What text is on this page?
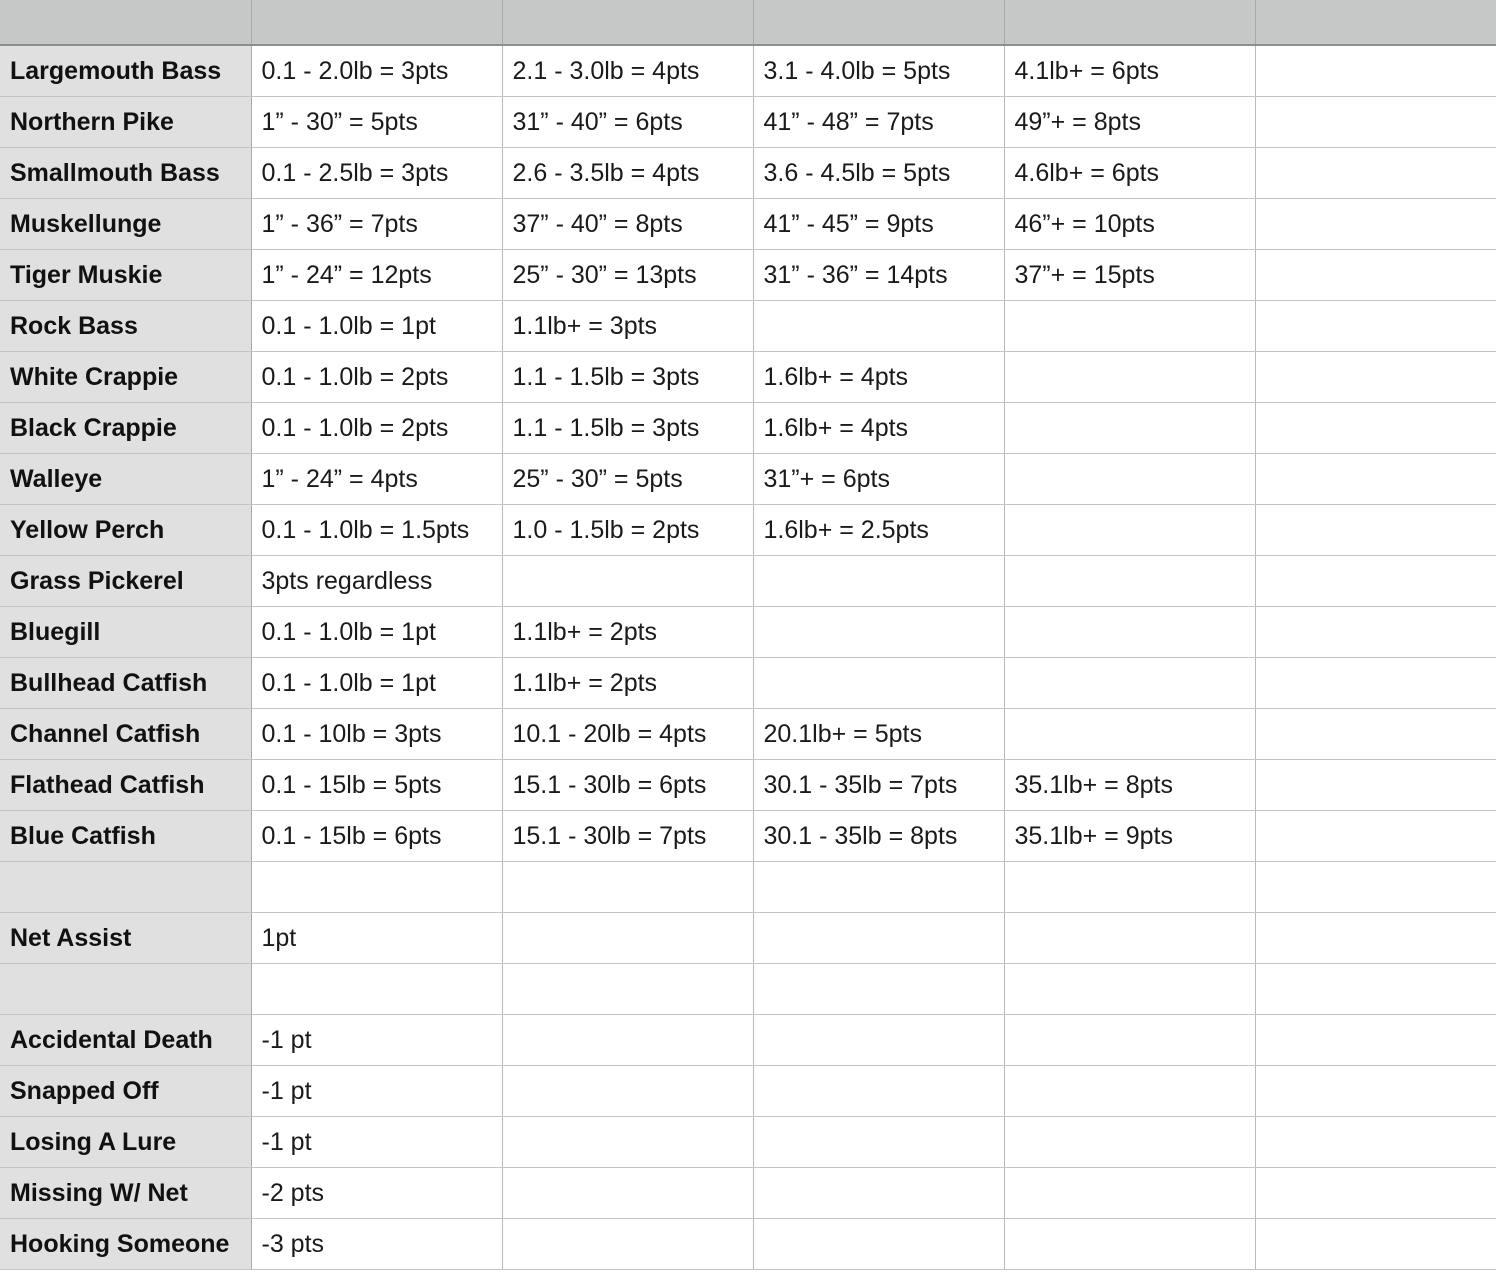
Largemouth Bass	0.1 - 2.0lb = 3pts	2.1 - 3.0lb = 4pts	3.1 - 4.0lb = 5pts	4.1lb+ = 6pts	
Northern Pike	1” - 30” = 5pts	31” - 40” = 6pts	41” - 48” = 7pts	49”+ = 8pts	
Smallmouth Bass	0.1 - 2.5lb = 3pts	2.6 - 3.5lb = 4pts	3.6 - 4.5lb = 5pts	4.6lb+ = 6pts	
Muskellunge	1” - 36” = 7pts	37” - 40” = 8pts	41” - 45” = 9pts	46”+ = 10pts	
Tiger Muskie	1” - 24” = 12pts	25” - 30” = 13pts	31” - 36” = 14pts	37”+ = 15pts	
Rock Bass	0.1 - 1.0lb = 1pt	1.1lb+ = 3pts			
White Crappie	0.1 - 1.0lb = 2pts	1.1 - 1.5lb = 3pts	1.6lb+ = 4pts		
Black Crappie	0.1 - 1.0lb = 2pts	1.1 - 1.5lb = 3pts	1.6lb+ = 4pts		
Walleye	1” - 24” = 4pts	25” - 30” = 5pts	31”+ = 6pts		
Yellow Perch	0.1 - 1.0lb = 1.5pts	1.0 - 1.5lb = 2pts	1.6lb+ = 2.5pts		
Grass Pickerel	3pts regardless				
Bluegill	0.1 - 1.0lb = 1pt	1.1lb+ = 2pts			
Bullhead Catfish	0.1 - 1.0lb = 1pt	1.1lb+ = 2pts			
Channel Catfish	0.1 - 10lb = 3pts	10.1 - 20lb = 4pts	20.1lb+ = 5pts		
Flathead Catfish	0.1 - 15lb = 5pts	15.1 - 30lb = 6pts	30.1 - 35lb = 7pts	35.1lb+ = 8pts	
Blue Catfish	0.1 - 15lb = 6pts	15.1 - 30lb = 7pts	30.1 - 35lb = 8pts	35.1lb+ = 9pts	

Net Assist	1pt				

Accidental Death	-1 pt				
Snapped Off	-1 pt				
Losing A Lure	-1 pt				
Missing W/ Net	-2 pts				
Hooking Someone	-3 pts				
